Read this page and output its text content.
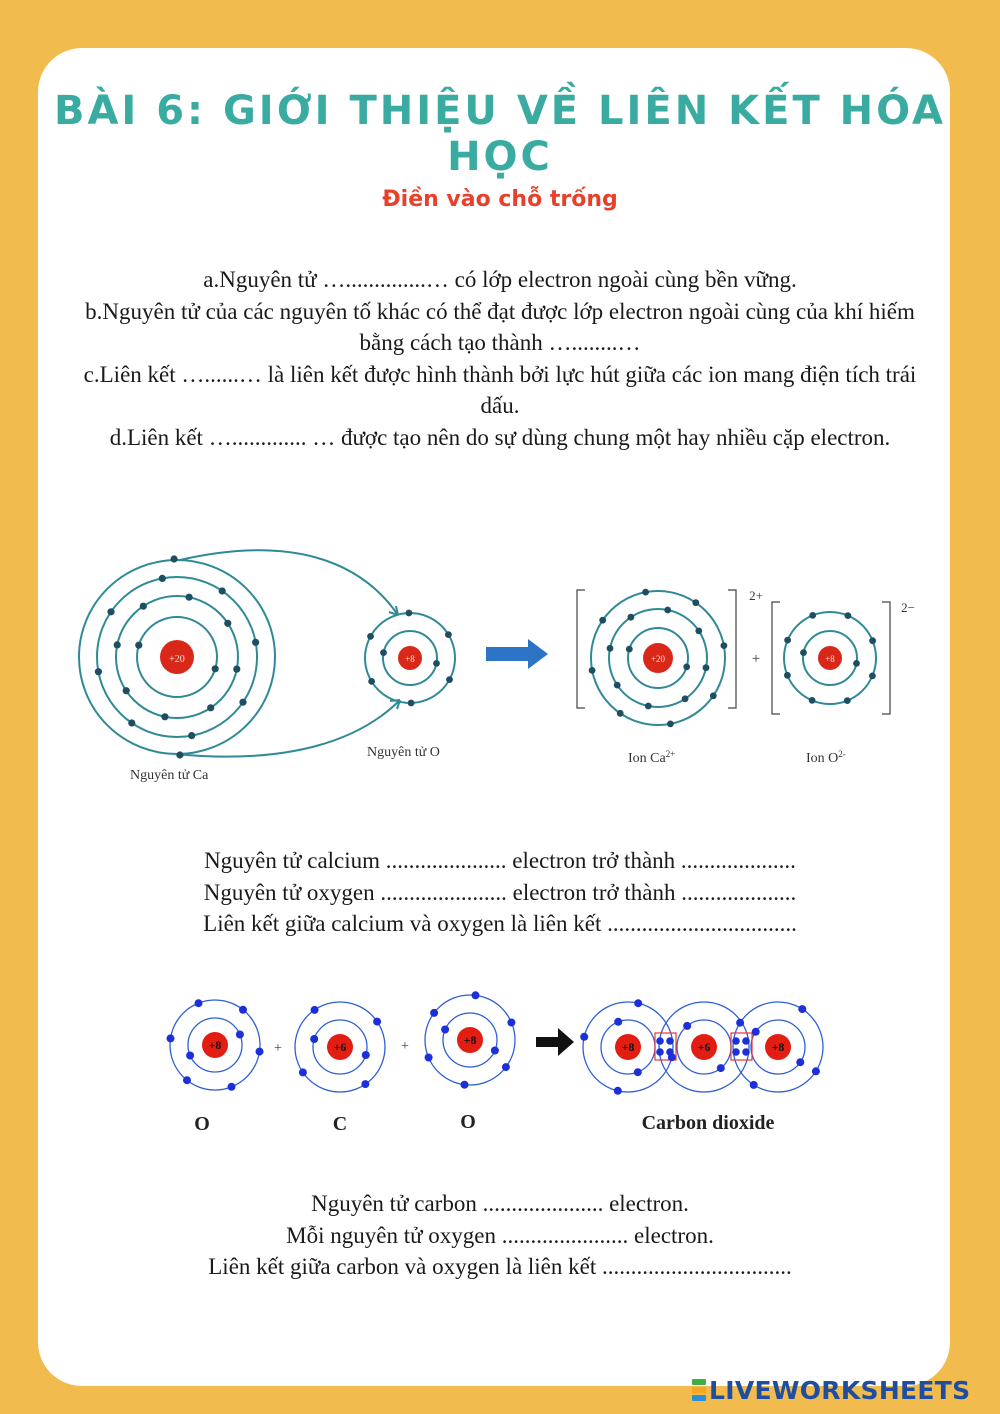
BÀI 6: GIỚI THIỆU VỀ LIÊN KẾT HÓA HỌC
Điền vào chỗ trống

a.Nguyên tử …..............… có lớp electron ngoài cùng bền vững.

b.Nguyên tử của các nguyên tố khác có thể đạt được lớp electron ngoài cùng của khí hiếm bằng cách tạo thành …........…

c.Liên kết …......… là liên kết được hình thành bởi lực hút giữa các ion mang điện tích trái dấu.

d.Liên kết …............. … được tạo nên do sự dùng chung một hay nhiều cặp electron.

+20	+8	+20	+8
2+
2−
+
Nguyên tử Ca
Nguyên tử O	Ion $Ca^{2+}$	Ion $O^{2-}$

Nguyên tử calcium ..................... electron trở thành ....................

Nguyên tử oxygen ...................... electron trở thành ....................

Liên kết giữa calcium và oxygen là liên kết .................................

+8	+6	+8	+8	+6	+8
+	+
O	C	O	Carbon dioxide

Nguyên tử carbon ..................... electron.

Mỗi nguyên tử oxygen ...................... electron.

Liên kết giữa carbon và oxygen là liên kết .................................

LIVEWORKSHEETS
